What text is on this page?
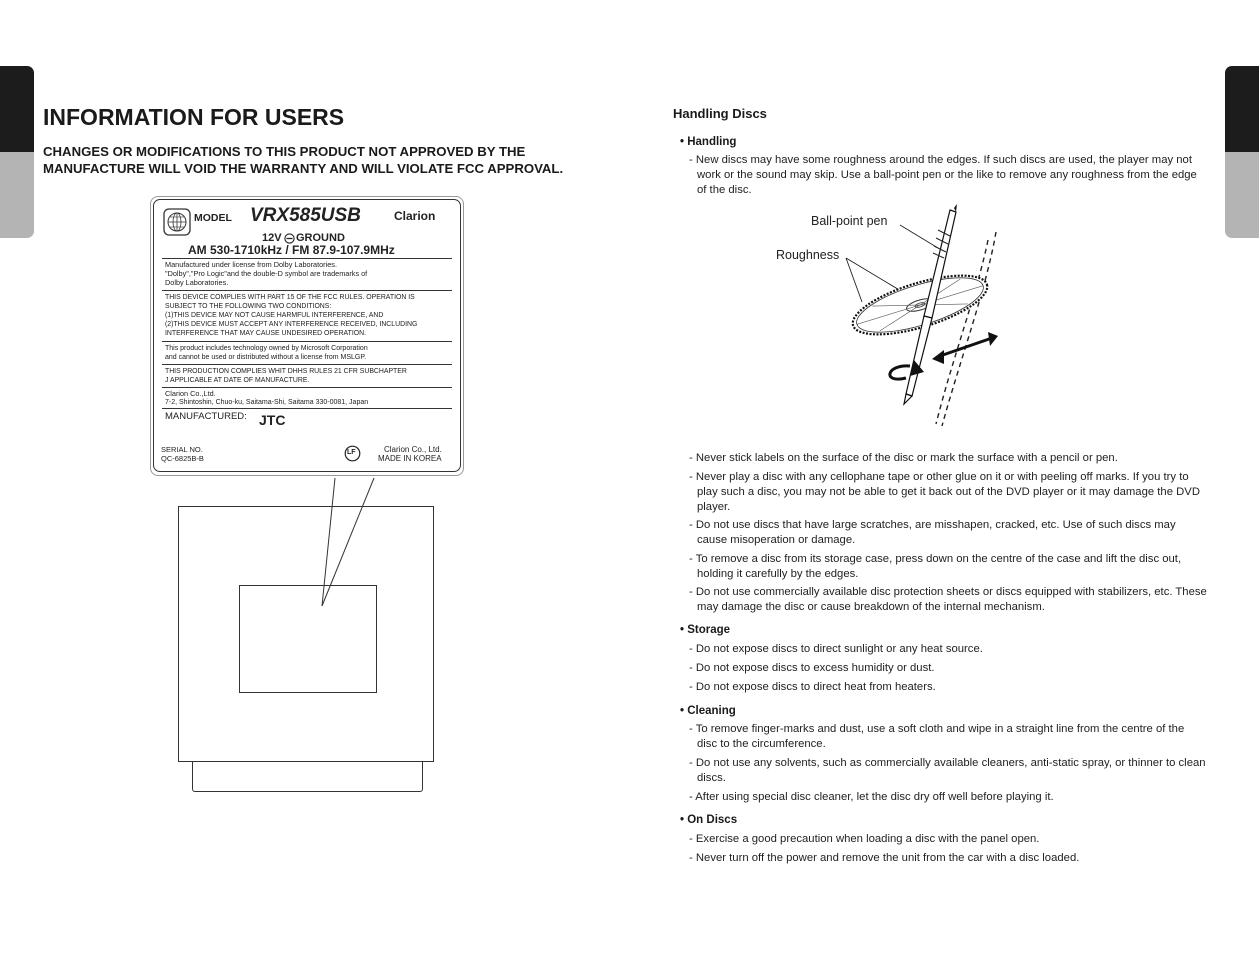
INFORMATION FOR USERS
CHANGES OR MODIFICATIONS TO THIS PRODUCT NOT APPROVED BY THE MANUFACTURE WILL VOID THE WARRANTY AND WILL VIOLATE FCC APPROVAL.
MODEL VRX585USB	Clarion
12V GROUND
AM 530-1710kHz / FM 87.9-107.9MHz
Manufactured under license from Dolby Laboratories.
"Dolby","Pro Logic"and the double-D symbol are trademarks of
Dolby Laboratories.
THIS DEVICE COMPLIES WITH PART 15 OF THE FCC RULES. OPERATION IS
SUBJECT TO THE FOLLOWING TWO CONDITIONS:
(1)THIS DEVICE MAY NOT CAUSE HARMFUL INTERFERENCE, AND
(2)THIS DEVICE MUST ACCEPT ANY INTERFERENCE RECEIVED, INCLUDING
INTERFERENCE THAT MAY CAUSE UNDESIRED OPERATION.
This product includes technology owned by Microsoft Corporation
and cannot be used or distributed without a license from MSLGP.
THIS PRODUCTION COMPLIES WHIT DHHS RULES 21 CFR SUBCHAPTER
J APPLICABLE AT DATE OF MANUFACTURE.
Clarion Co.,Ltd.
7-2, Shintoshin, Chuo-ku, Saitama-Shi, Saitama 330-0081, Japan
MANUFACTURED: JTC
SERIAL NO.
QC-6825B-B
LF	Clarion Co., Ltd.
MADE IN KOREA
Handling Discs
• Handling
- New discs may have some roughness around the edges. If such discs are used, the player may not work or the sound may skip. Use a ball-point pen or the like to remove any roughness from the edge of the disc.
Ball-point pen
Roughness
- Never stick labels on the surface of the disc or mark the surface with a pencil or pen.
- Never play a disc with any cellophane tape or other glue on it or with peeling off marks. If you try to play such a disc, you may not be able to get it back out of the DVD player or it may damage the DVD player.
- Do not use discs that have large scratches, are misshapen, cracked, etc. Use of such discs may cause misoperation or damage.
- To remove a disc from its storage case, press down on the centre of the case and lift the disc out, holding it carefully by the edges.
- Do not use commercially available disc protection sheets or discs equipped with stabilizers, etc. These may damage the disc or cause breakdown of the internal mechanism.
• Storage
- Do not expose discs to direct sunlight or any heat source.
- Do not expose discs to excess humidity or dust.
- Do not expose discs to direct heat from heaters.
• Cleaning
- To remove finger-marks and dust, use a soft cloth and wipe in a straight line from the centre of the disc to the circumference.
- Do not use any solvents, such as commercially available cleaners, anti-static spray, or thinner to clean discs.
- After using special disc cleaner, let the disc dry off well before playing it.
• On Discs
- Exercise a good precaution when loading a disc with the panel open.
- Never turn off the power and remove the unit from the car with a disc loaded.
